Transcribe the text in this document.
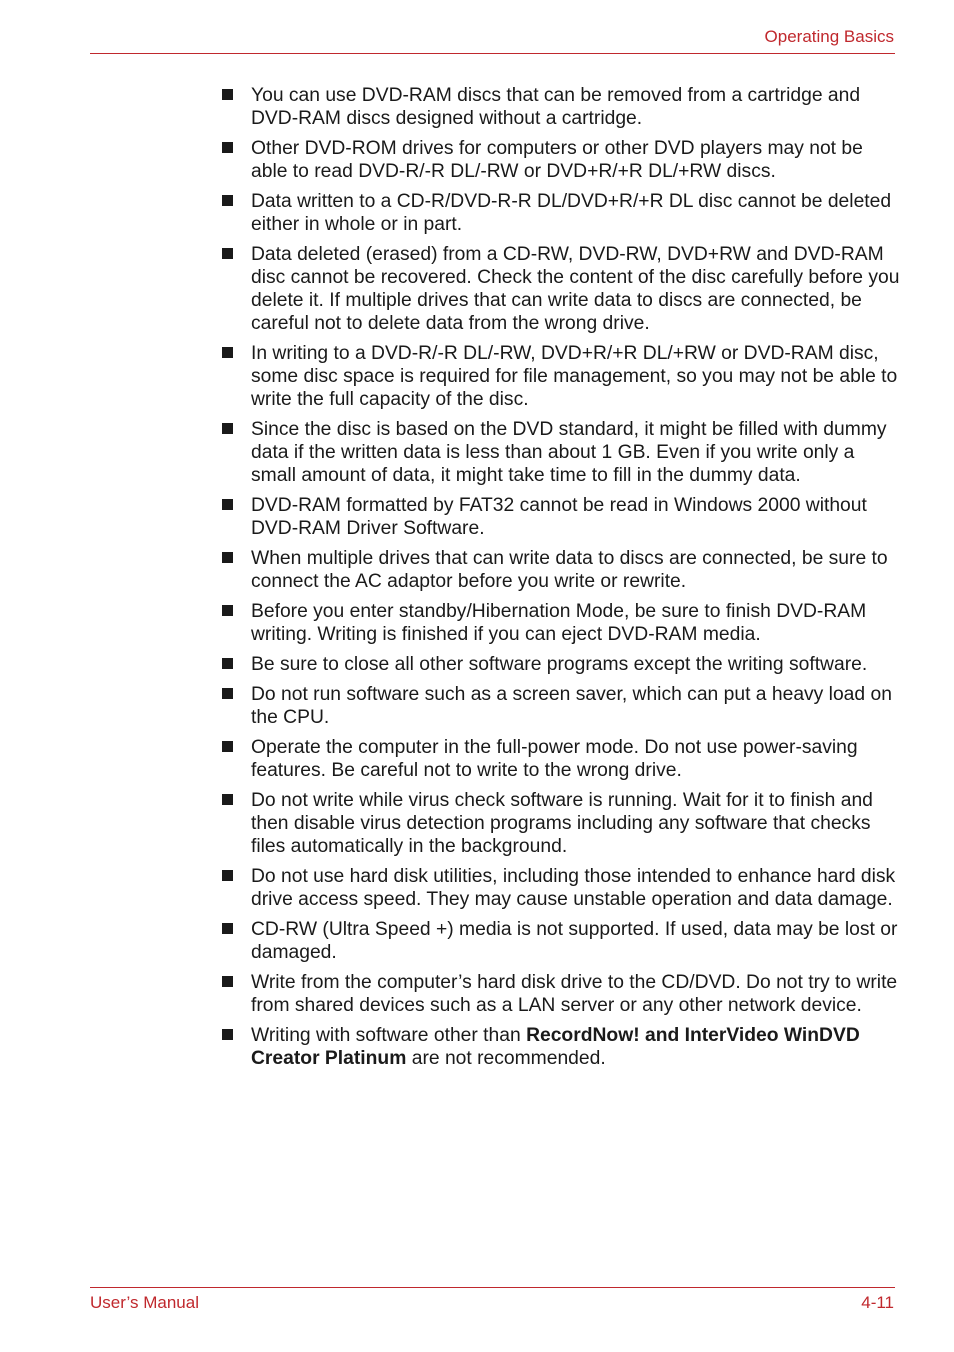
Operating Basics
You can use DVD-RAM discs that can be removed from a cartridge and DVD-RAM discs designed without a cartridge.
Other DVD-ROM drives for computers or other DVD players may not be able to read DVD-R/-R DL/-RW or DVD+R/+R DL/+RW discs.
Data written to a CD-R/DVD-R-R DL/DVD+R/+R DL disc cannot be deleted either in whole or in part.
Data deleted (erased) from a CD-RW, DVD-RW, DVD+RW and DVD-RAM disc cannot be recovered. Check the content of the disc carefully before you delete it. If multiple drives that can write data to discs are connected, be careful not to delete data from the wrong drive.
In writing to a DVD-R/-R DL/-RW, DVD+R/+R DL/+RW or DVD-RAM disc, some disc space is required for file management, so you may not be able to write the full capacity of the disc.
Since the disc is based on the DVD standard, it might be filled with dummy data if the written data is less than about 1 GB. Even if you write only a small amount of data, it might take time to fill in the dummy data.
DVD-RAM formatted by FAT32 cannot be read in Windows 2000 without DVD-RAM Driver Software.
When multiple drives that can write data to discs are connected, be sure to connect the AC adaptor before you write or rewrite.
Before you enter standby/Hibernation Mode, be sure to finish DVD-RAM writing. Writing is finished if you can eject DVD-RAM media.
Be sure to close all other software programs except the writing software.
Do not run software such as a screen saver, which can put a heavy load on the CPU.
Operate the computer in the full-power mode. Do not use power-saving features. Be careful not to write to the wrong drive.
Do not write while virus check software is running. Wait for it to finish and then disable virus detection programs including any software that checks files automatically in the background.
Do not use hard disk utilities, including those intended to enhance hard disk drive access speed. They may cause unstable operation and data damage.
CD-RW (Ultra Speed +) media is not supported. If used, data may be lost or damaged.
Write from the computer’s hard disk drive to the CD/DVD. Do not try to write from shared devices such as a LAN server or any other network device.
Writing with software other than RecordNow! and InterVideo WinDVD Creator Platinum are not recommended.
User’s Manual	4-11
